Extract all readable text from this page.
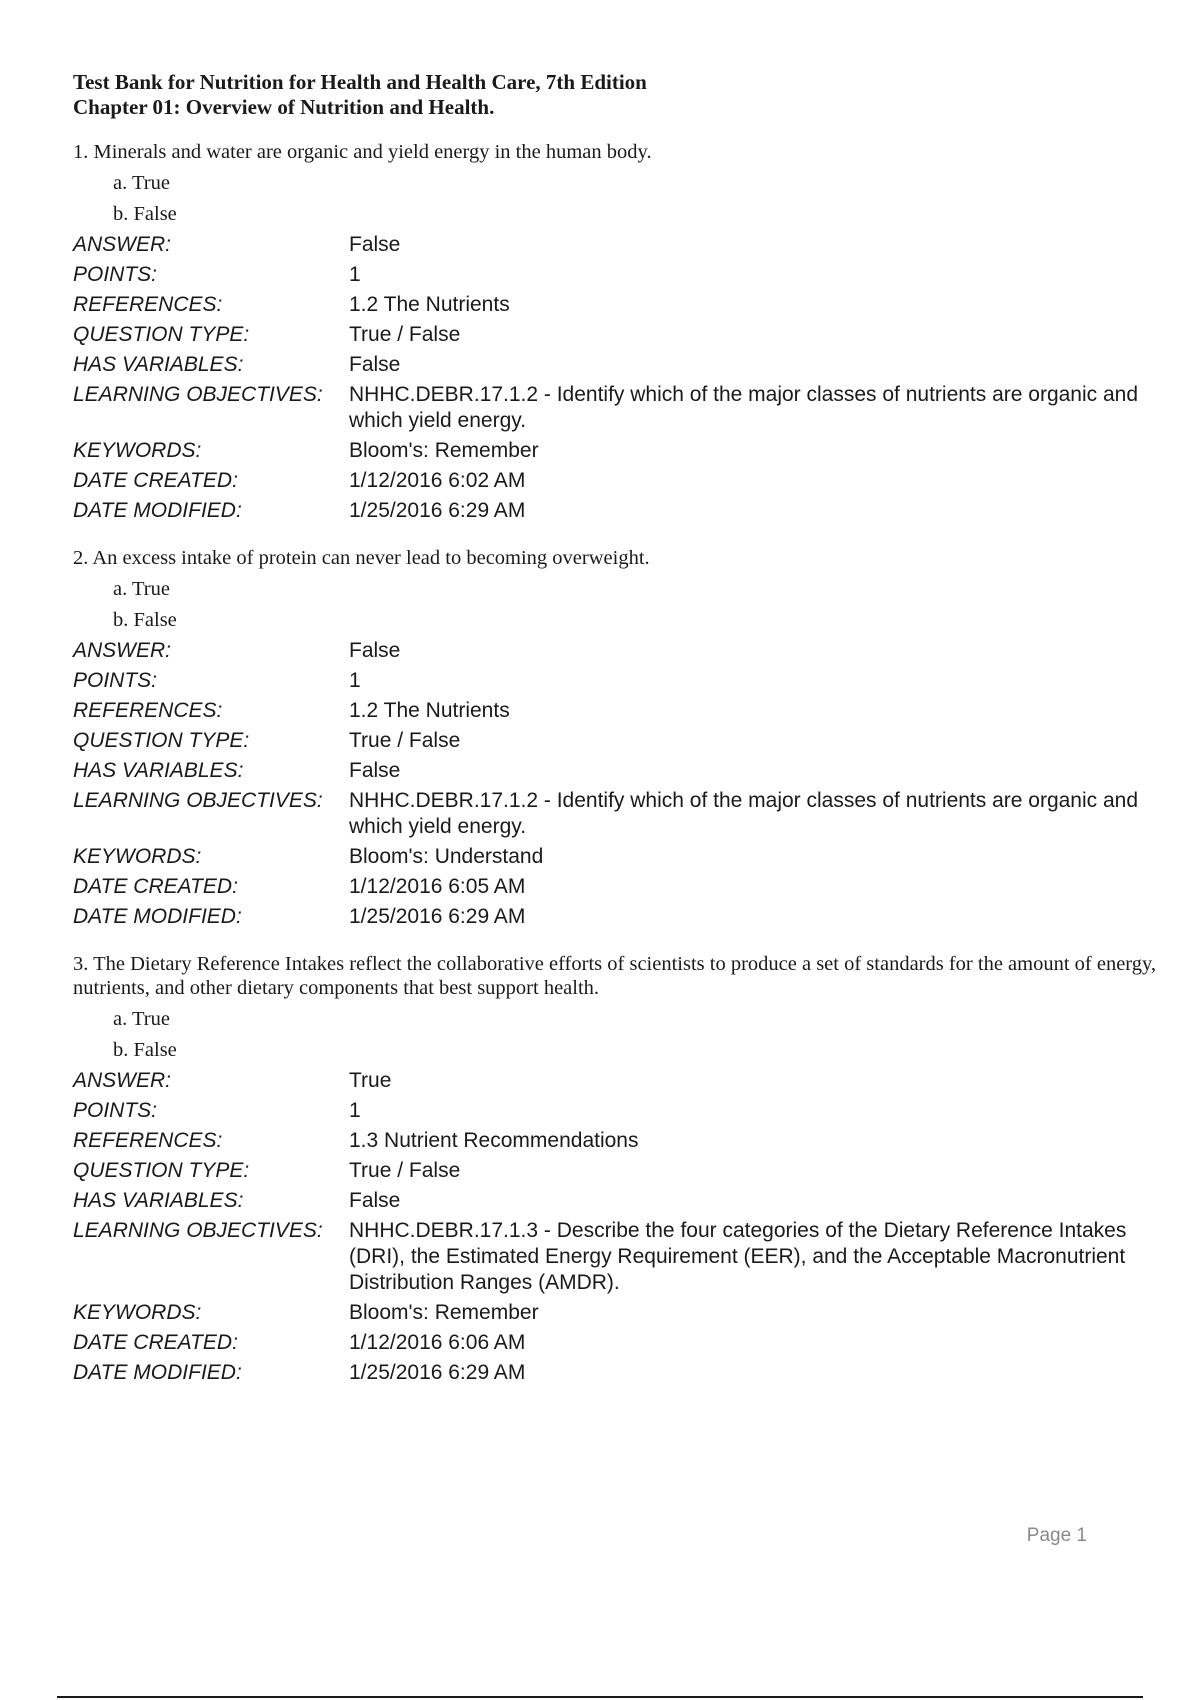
Test Bank for Nutrition for Health and Health Care, 7th Edition
Chapter 01: Overview of Nutrition and Health.
1. Minerals and water are organic and yield energy in the human body.
a. True
b. False
ANSWER:	False
POINTS:	1
REFERENCES:	1.2 The Nutrients
QUESTION TYPE:	True / False
HAS VARIABLES:	False
LEARNING OBJECTIVES:	NHHC.DEBR.17.1.2 - Identify which of the major classes of nutrients are organic and which yield energy.
KEYWORDS:	Bloom's: Remember
DATE CREATED:	1/12/2016 6:02 AM
DATE MODIFIED:	1/25/2016 6:29 AM
2. An excess intake of protein can never lead to becoming overweight.
a. True
b. False
ANSWER:	False
POINTS:	1
REFERENCES:	1.2 The Nutrients
QUESTION TYPE:	True / False
HAS VARIABLES:	False
LEARNING OBJECTIVES:	NHHC.DEBR.17.1.2 - Identify which of the major classes of nutrients are organic and which yield energy.
KEYWORDS:	Bloom's: Understand
DATE CREATED:	1/12/2016 6:05 AM
DATE MODIFIED:	1/25/2016 6:29 AM
3. The Dietary Reference Intakes reflect the collaborative efforts of scientists to produce a set of standards for the amount of energy, nutrients, and other dietary components that best support health.
a. True
b. False
ANSWER:	True
POINTS:	1
REFERENCES:	1.3 Nutrient Recommendations
QUESTION TYPE:	True / False
HAS VARIABLES:	False
LEARNING OBJECTIVES:	NHHC.DEBR.17.1.3 - Describe the four categories of the Dietary Reference Intakes (DRI), the Estimated Energy Requirement (EER), and the Acceptable Macronutrient Distribution Ranges (AMDR).
KEYWORDS:	Bloom's: Remember
DATE CREATED:	1/12/2016 6:06 AM
DATE MODIFIED:	1/25/2016 6:29 AM
Page 1
